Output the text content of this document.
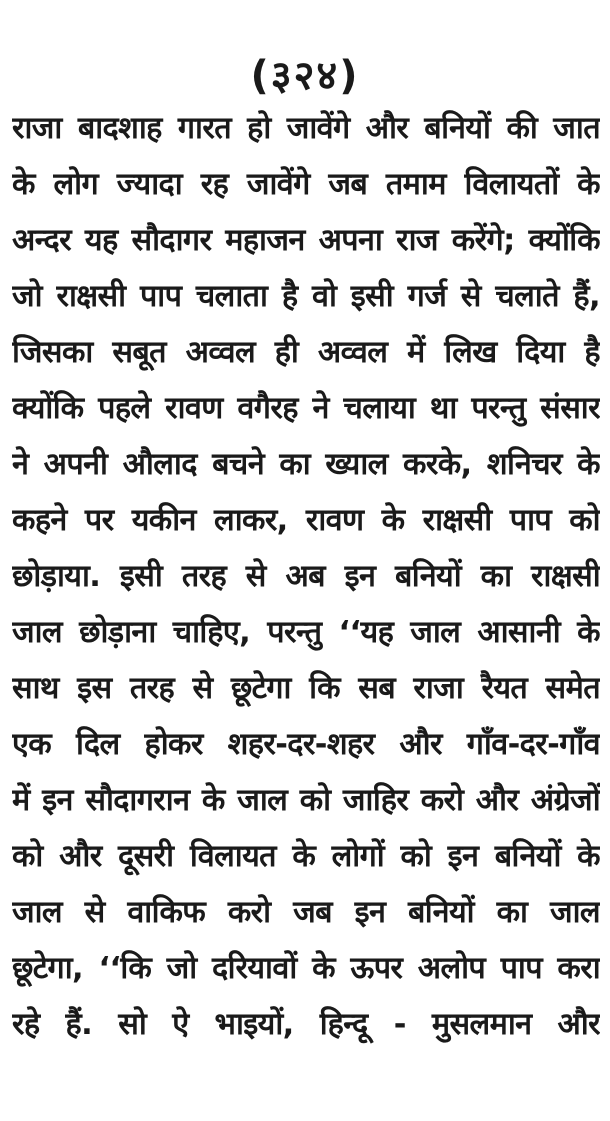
(३२४)
राजा बादशाह गारत हो जावेंगे और बनियों की जात
के लोग ज्यादा रह जावेंगे जब तमाम विलायतों के
अन्दर यह सौदागर महाजन अपना राज करेंगे; क्योंकि
जो राक्षसी पाप चलाता है वो इसी गर्ज से चलाते हैं,
जिसका सबूत अव्वल ही अव्वल में लिख दिया है
क्योंकि पहले रावण वगैरह ने चलाया था परन्तु संसार
ने अपनी औलाद बचने का ख्याल करके, शनिचर के
कहने पर यकीन लाकर, रावण के राक्षसी पाप को
छोड़ाया. इसी तरह से अब इन बनियों का राक्षसी
जाल छोड़ाना चाहिए, परन्तु ‘‘यह जाल आसानी के
साथ इस तरह से छूटेगा कि सब राजा रैयत समेत
एक दिल होकर शहर-दर-शहर और गाँव-दर-गाँव
में इन सौदागरान के जाल को जाहिर करो और अंग्रेजों
को और दूसरी विलायत के लोगों को इन बनियों के
जाल से वाकिफ करो जब इन बनियों का जाल
छूटेगा, ‘‘कि जो दरियावों के ऊपर अलोप पाप करा
रहे हैं. सो ऐ भाइयों, हिन्दू - मुसलमान और
